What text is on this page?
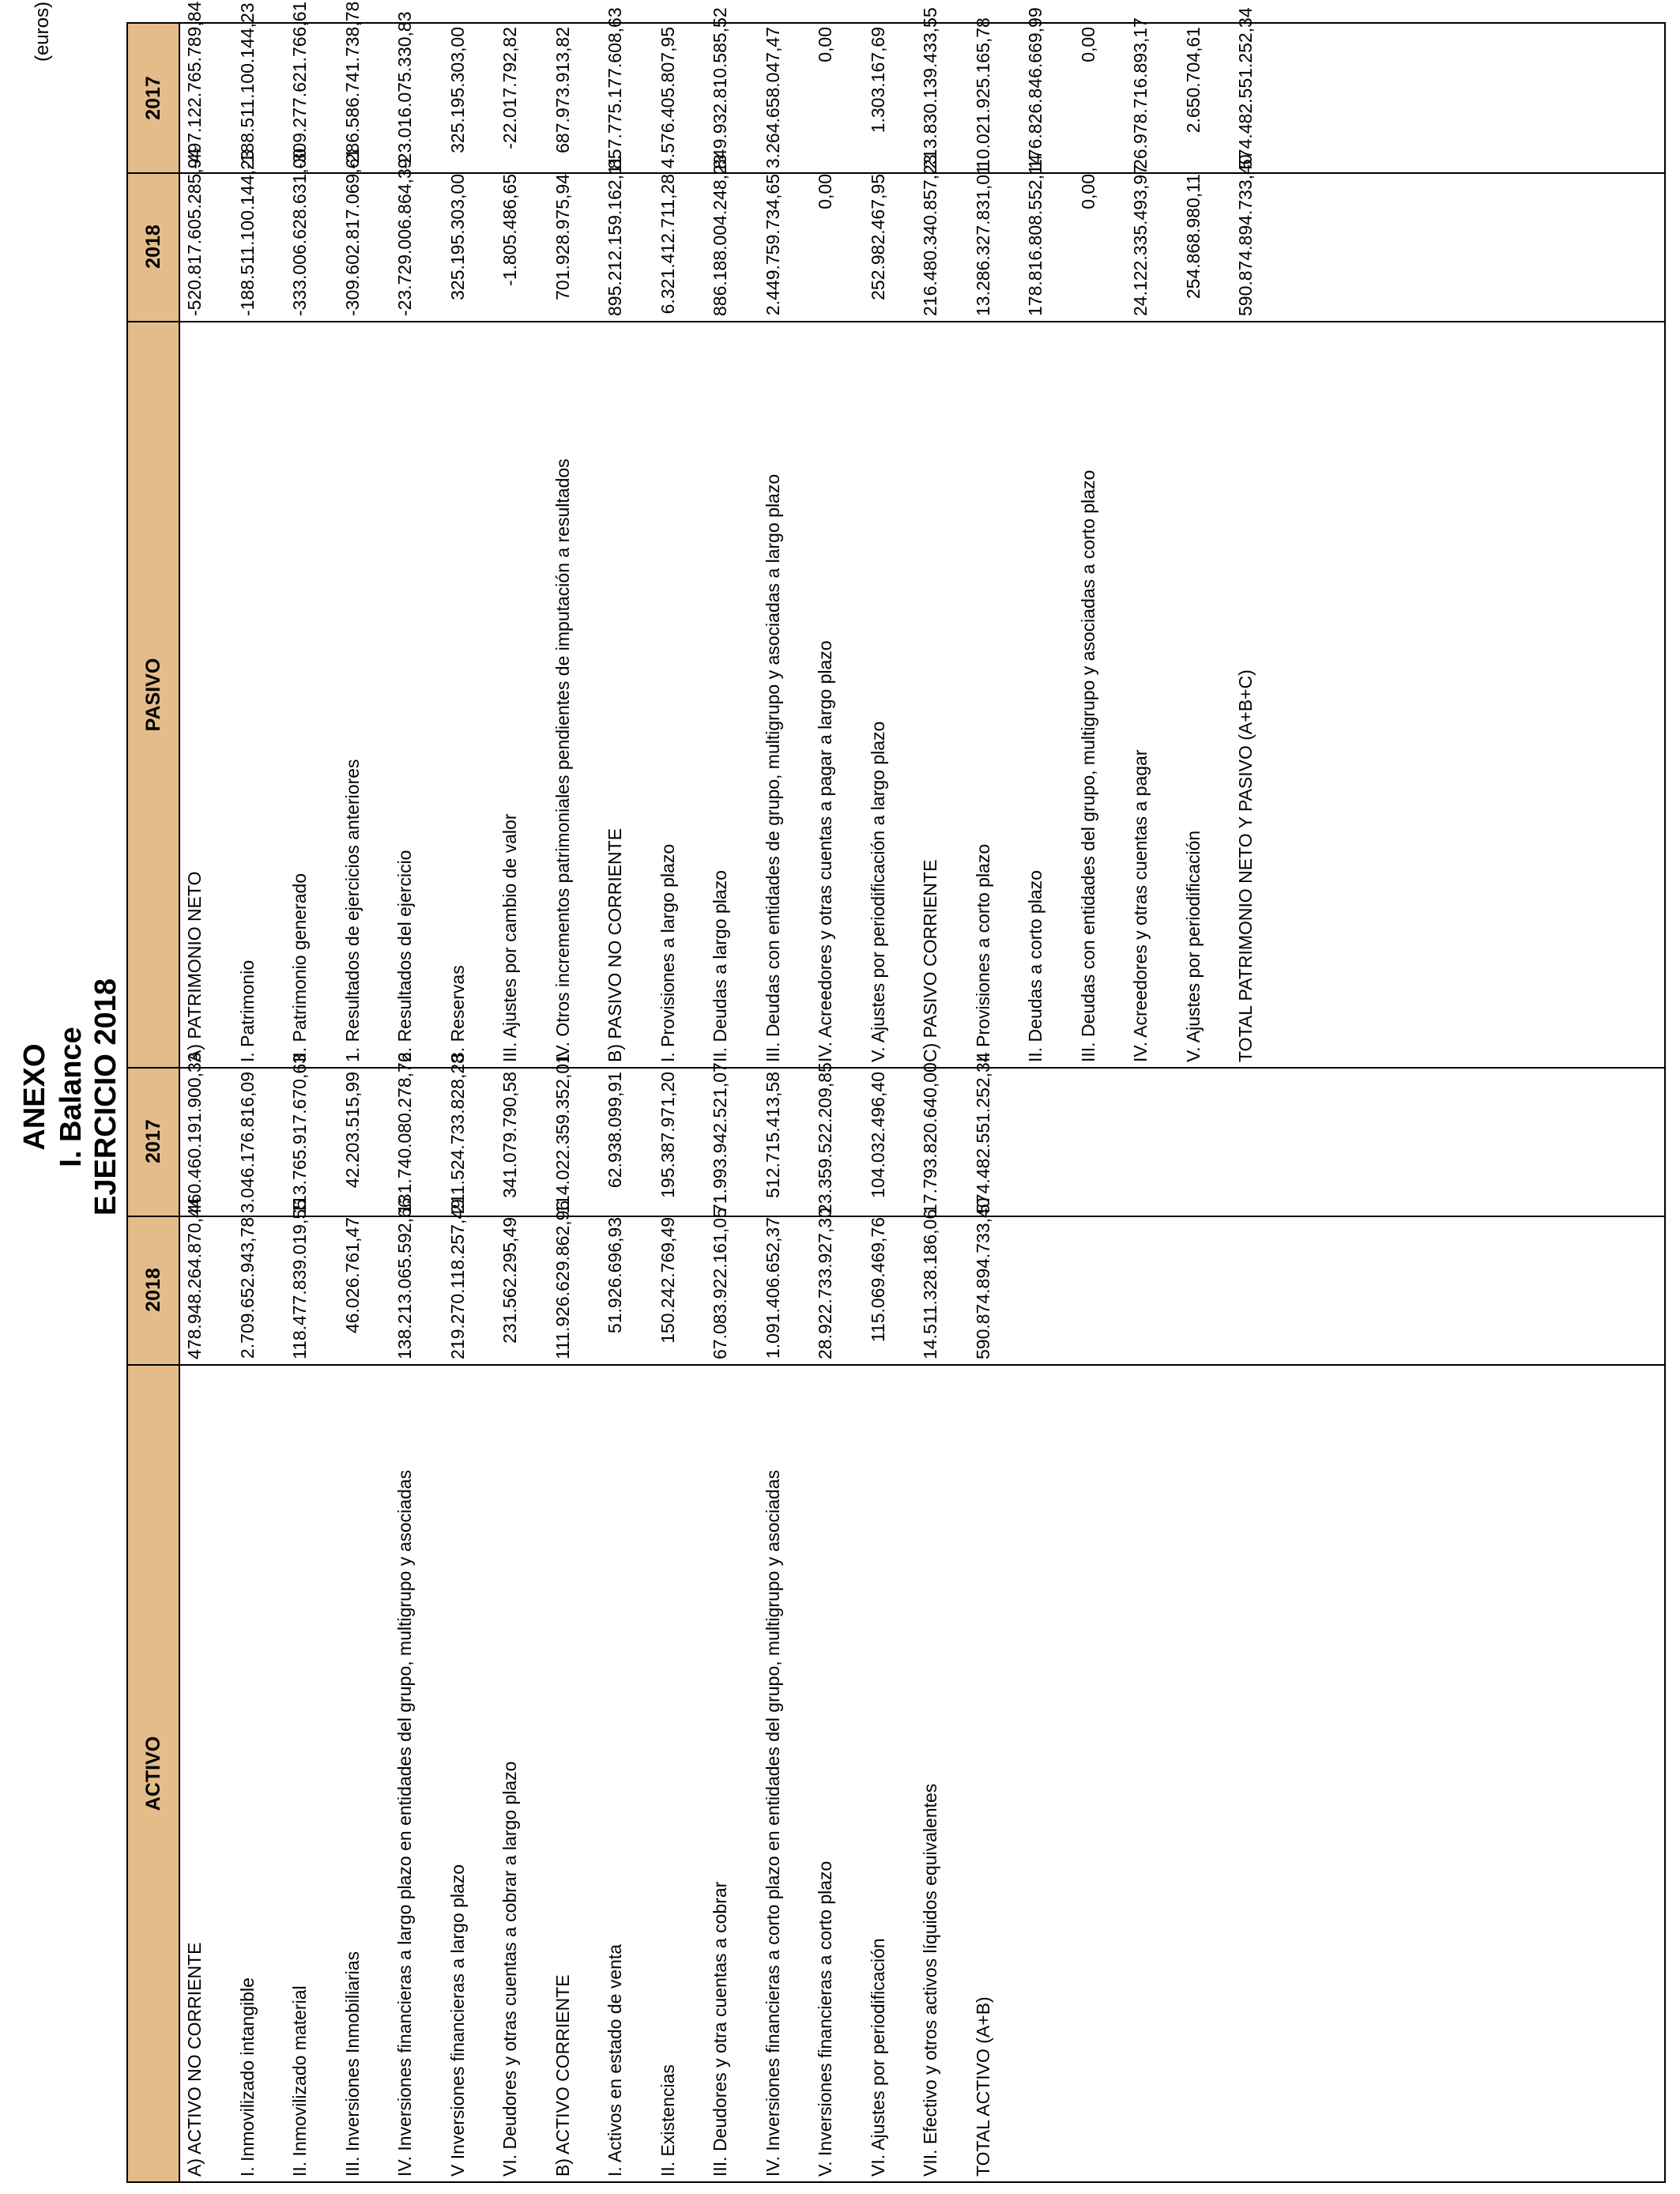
ANEXO I. Balance EJERCICIO 2018
(euros)
ACTIVO
2018
2017
A) ACTIVO NO CORRIENTE
478.948.264.870,44
460.460.191.900,33
I. Inmovilizado intangible
2.709.652.943,78
3.046.176.816,09
II. Inmovilizado material
118.477.839.019,55
113.765.917.670,63
III. Inversiones Inmobiliarias
46.026.761,47
42.203.515,99
IV. Inversiones financieras a largo plazo en entidades del grupo, multigrupo y asociadas
138.213.065.592,66
131.740.080.278,76
V Inversiones financieras a largo plazo
219.270.118.257,49
211.524.733.828,28
VI. Deudores y otras cuentas a cobrar a largo plazo
231.562.295,49
341.079.790,58
B) ACTIVO CORRIENTE
111.926.629.862,96
114.022.359.352,01
I. Activos en estado de venta
51.926.696,93
62.938.099,91
II. Existencias
150.242.769,49
195.387.971,20
III. Deudores y otra cuentas a cobrar
67.083.922.161,05
71.993.942.521,07
IV. Inversiones financieras a corto plazo en entidades del grupo, multigrupo y asociadas
1.091.406.652,37
512.715.413,58
V. Inversiones financieras a corto plazo
28.922.733.927,30
23.359.522.209,85
VI. Ajustes por periodificación
115.069.469,76
104.032.496,40
VII. Efectivo y otros activos líquidos equivalentes
14.511.328.186,06
17.793.820.640,00
TOTAL ACTIVO (A+B)
590.874.894.733,40
574.482.551.252,34
PASIVO
2018
2017
A) PATRIMONIO NETO
-520.817.605.285,94
-497.122.765.789,84
I. Patrimonio
-188.511.100.144,23
-188.511.100.144,23
II. Patrimonio generado
-333.006.628.631,00
-309.277.621.766,61
1. Resultados de ejercicios anteriores
-309.602.817.069,61
-286.586.741.738,78
2. Resultados del ejercicio
-23.729.006.864,39
-23.016.075.330,83
3. Reservas
325.195.303,00
325.195.303,00
III. Ajustes por cambio de valor
-1.805.486,65
-22.017.792,82
IV. Otros incrementos patrimoniales pendientes de imputación a resultados
701.928.975,94
687.973.913,82
B) PASIVO NO CORRIENTE
895.212.159.162,11
857.775.177.608,63
I. Provisiones a largo plazo
6.321.412.711,28
4.576.405.807,95
II. Deudas a largo plazo
886.188.004.248,23
849.932.810.585,52
III. Deudas con entidades de grupo, multigrupo y asociadas a largo plazo
2.449.759.734,65
3.264.658.047,47
IV. Acreedores y otras cuentas a pagar a largo plazo
0,00
0,00
V. Ajustes por periodificación a largo plazo
252.982.467,95
1.303.167,69
C) PASIVO CORRIENTE
216.480.340.857,23
213.830.139.433,55
I. Provisiones a corto plazo
13.286.327.831,01
10.021.925.165,78
II. Deudas a corto plazo
178.816.808.552,14
176.826.846.669,99
III. Deudas con entidades del grupo, multigrupo y asociadas a corto plazo
0,00
0,00
IV. Acreedores y otras cuentas a pagar
24.122.335.493,97
26.978.716.893,17
V. Ajustes por periodificación
254.868.980,11
2.650.704,61
TOTAL PATRIMONIO NETO Y PASIVO (A+B+C)
590.874.894.733,40
574.482.551.252,34
